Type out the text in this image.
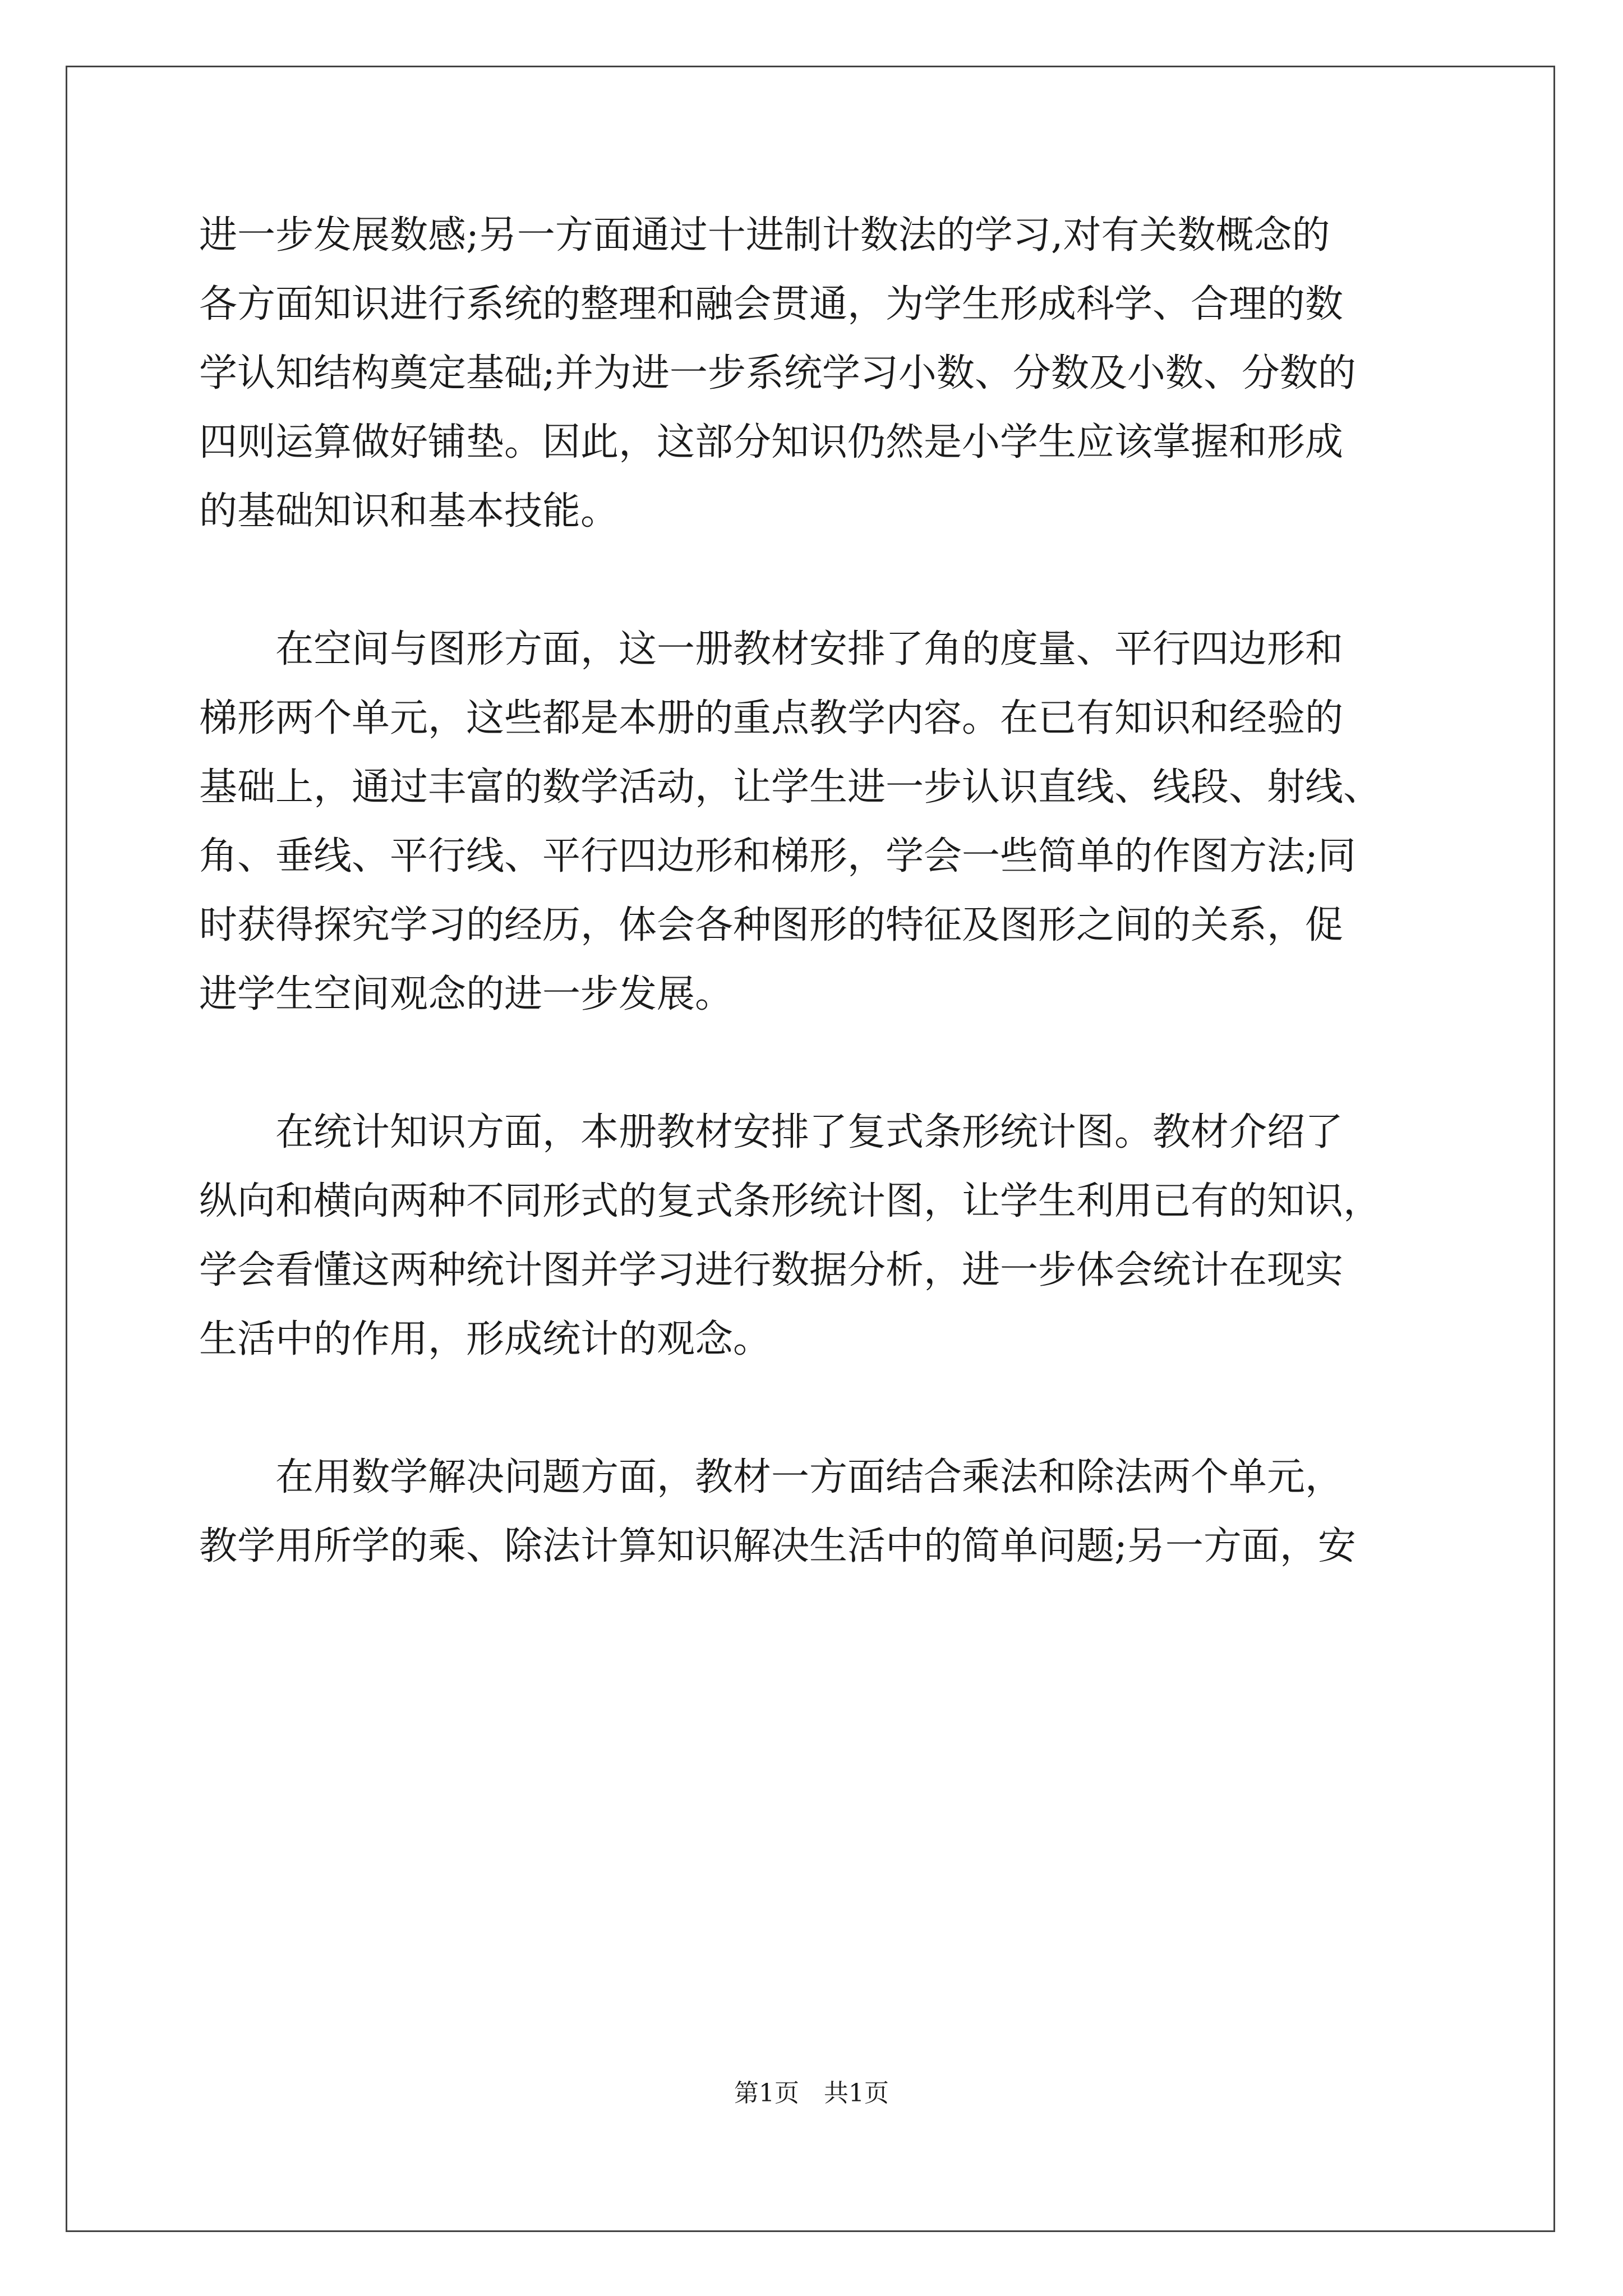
进一步发展数感;另一方面通过十进制计数法的学习,对有关数概念的
各方面知识进行系统的整理和融会贯通，为学生形成科学、合理的数
学认知结构奠定基础;并为进一步系统学习小数、分数及小数、分数的
四则运算做好铺垫。因此，这部分知识仍然是小学生应该掌握和形成
的基础知识和基本技能。
在空间与图形方面，这一册教材安排了角的度量、平行四边形和
梯形两个单元，这些都是本册的重点教学内容。在已有知识和经验的
基础上，通过丰富的数学活动，让学生进一步认识直线、线段、射线、
角、垂线、平行线、平行四边形和梯形，学会一些简单的作图方法;同
时获得探究学习的经历，体会各种图形的特征及图形之间的关系，促
进学生空间观念的进一步发展。
在统计知识方面，本册教材安排了复式条形统计图。教材介绍了
纵向和横向两种不同形式的复式条形统计图，让学生利用已有的知识，
学会看懂这两种统计图并学习进行数据分析，进一步体会统计在现实
生活中的作用，形成统计的观念。
在用数学解决问题方面，教材一方面结合乘法和除法两个单元，
教学用所学的乘、除法计算知识解决生活中的简单问题;另一方面，安
第1页 共1页
